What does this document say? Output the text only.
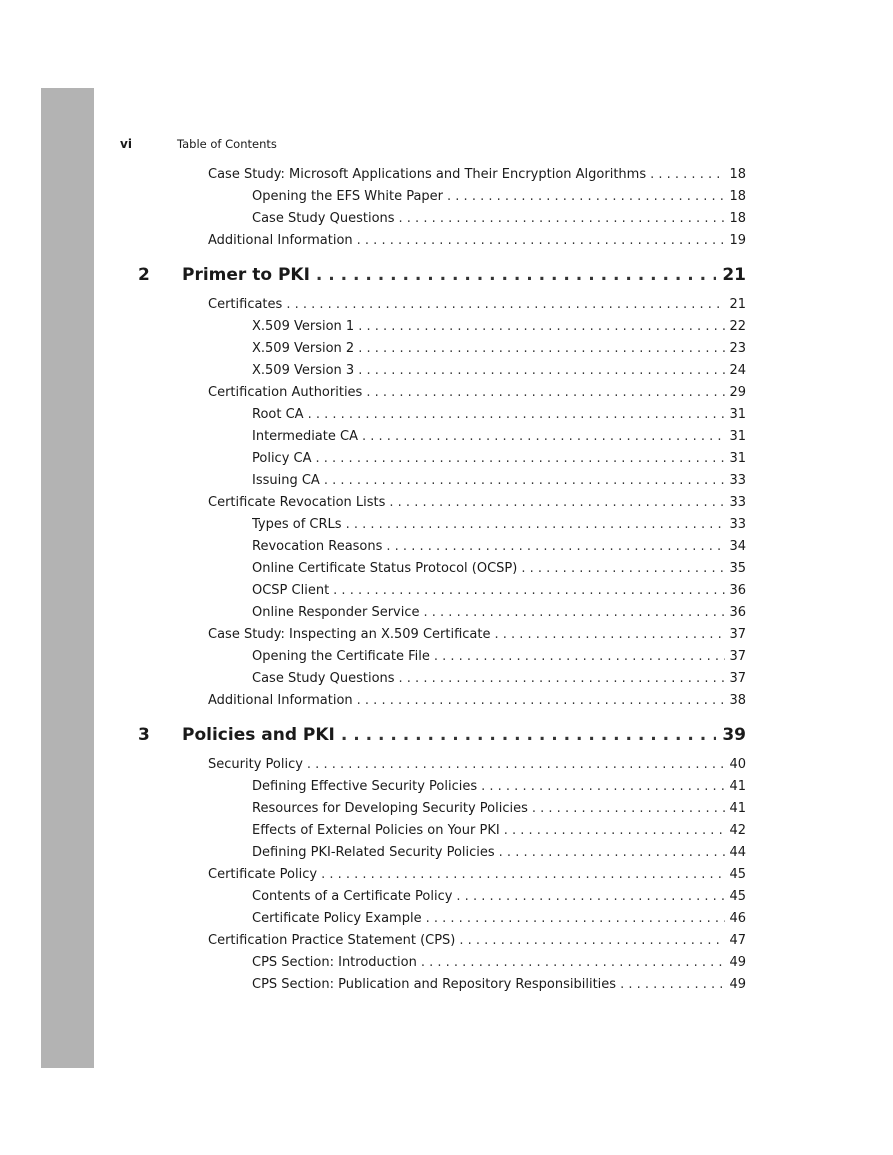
vi	Table of Contents
Case Study: Microsoft Applications and Their Encryption Algorithms . . .	18
Opening the EFS White Paper . . .	18
Case Study Questions . . .	18
Additional Information . . .	19
2	Primer to PKI . . .	21
Certificates . . .	21
X.509 Version 1 . . .	22
X.509 Version 2 . . .	23
X.509 Version 3 . . .	24
Certification Authorities . . .	29
Root CA . . .	31
Intermediate CA . . .	31
Policy CA . . .	31
Issuing CA . . .	33
Certificate Revocation Lists . . .	33
Types of CRLs . . .	33
Revocation Reasons . . .	34
Online Certificate Status Protocol (OCSP) . . .	35
OCSP Client . . .	36
Online Responder Service . . .	36
Case Study: Inspecting an X.509 Certificate . . .	37
Opening the Certificate File . . .	37
Case Study Questions . . .	37
Additional Information . . .	38
3	Policies and PKI . . .	39
Security Policy . . .	40
Defining Effective Security Policies . . .	41
Resources for Developing Security Policies . . .	41
Effects of External Policies on Your PKI . . .	42
Defining PKI-Related Security Policies . . .	44
Certificate Policy . . .	45
Contents of a Certificate Policy . . .	45
Certificate Policy Example . . .	46
Certification Practice Statement (CPS) . . .	47
CPS Section: Introduction . . .	49
CPS Section: Publication and Repository Responsibilities . . .	49
